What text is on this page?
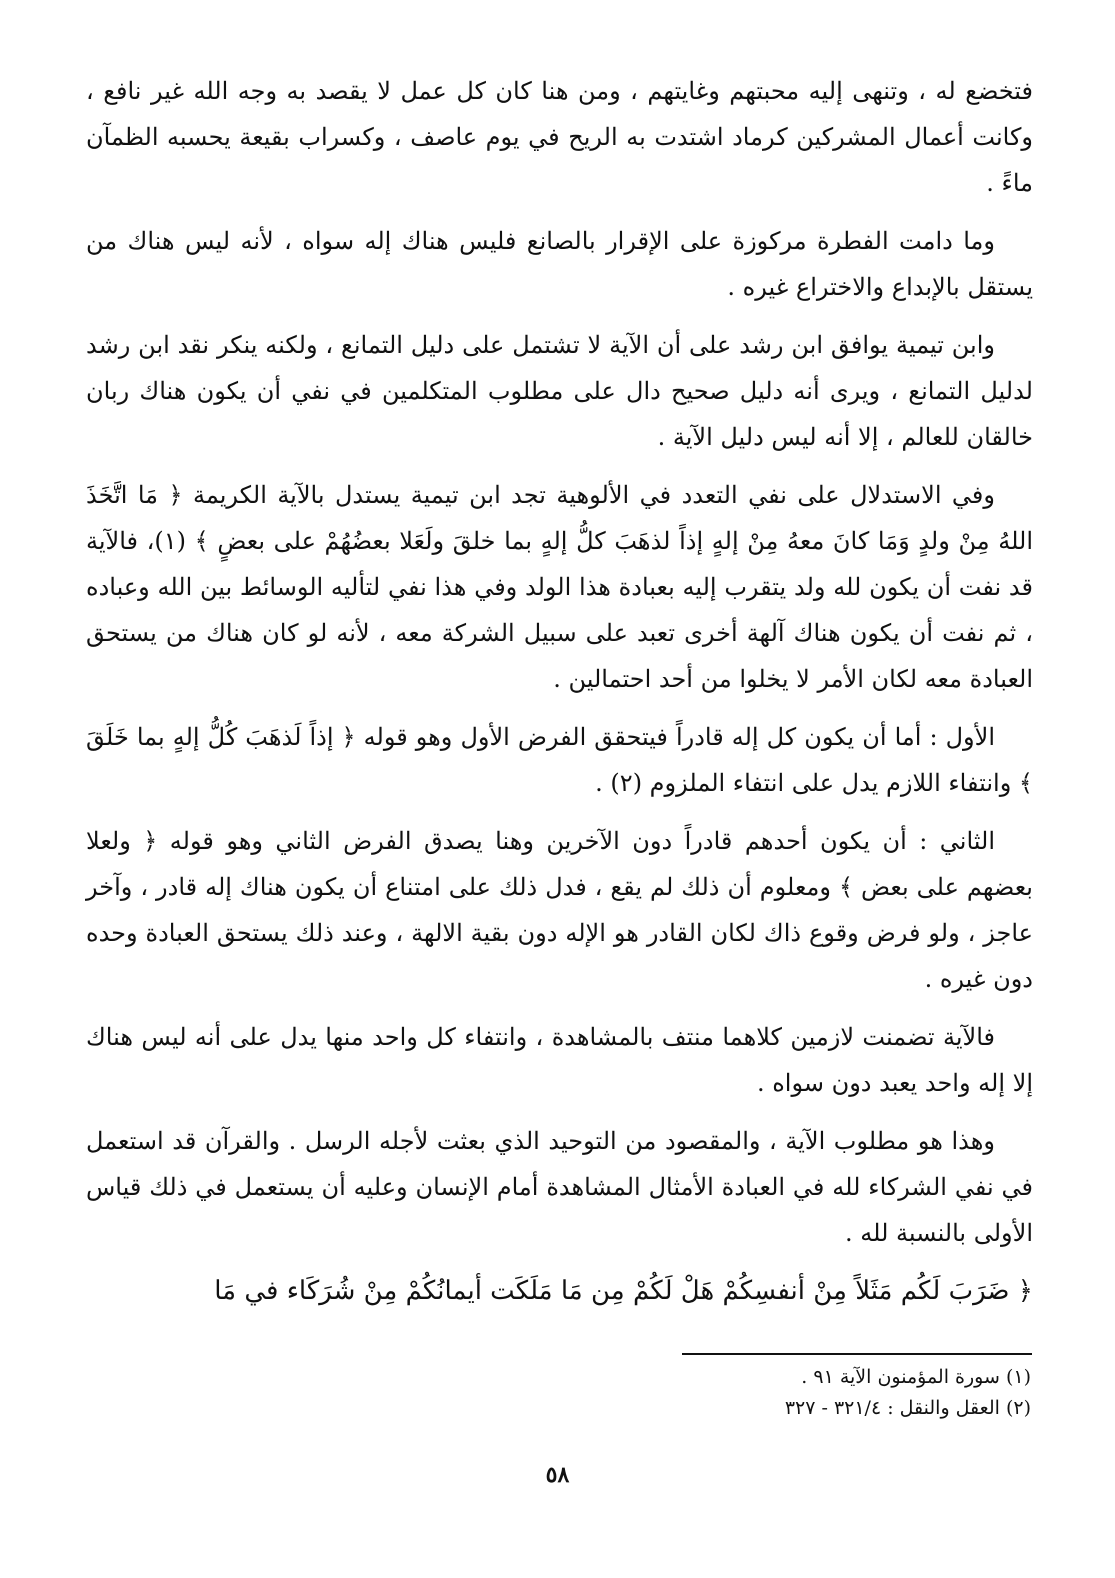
فتخضع له ، وتنهى إليه محبتهم وغايتهم ، ومن هنا كان كل عمل لا يقصد به وجه الله غير نافع ، وكانت أعمال المشركين كرماد اشتدت به الريح في يوم عاصف ، وكسراب بقيعة يحسبه الظمآن ماءً .

وما دامت الفطرة مركوزة على الإقرار بالصانع فليس هناك إله سواه ، لأنه ليس هناك من يستقل بالإبداع والاختراع غيره .

وابن تيمية يوافق ابن رشد على أن الآية لا تشتمل على دليل التمانع ، ولكنه ينكر نقد ابن رشد لدليل التمانع ، ويرى أنه دليل صحيح دال على مطلوب المتكلمين في نفي أن يكون هناك ربان خالقان للعالم ، إلا أنه ليس دليل الآية .

وفي الاستدلال على نفي التعدد في الألوهية تجد ابن تيمية يستدل بالآية الكريمة ﴿ مَا اتَّخَذَ اللهُ مِنْ ولدٍ وَمَا كانَ معهُ مِنْ إلهٍ إذاً لذهَبَ كلُّ إلهٍ بما خلقَ ولَعَلا بعضُهُمْ على بعضٍ ﴾ (١)، فالآية قد نفت أن يكون لله ولد يتقرب إليه بعبادة هذا الولد وفي هذا نفي لتأليه الوسائط بين الله وعباده ، ثم نفت أن يكون هناك آلهة أخرى تعبد على سبيل الشركة معه ، لأنه لو كان هناك من يستحق العبادة معه لكان الأمر لا يخلوا من أحد احتمالين .

الأول : أما أن يكون كل إله قادراً فيتحقق الفرض الأول وهو قوله ﴿ إذاً لَذهَبَ كُلُّ إلهٍ بما خَلَقَ ﴾ وانتفاء اللازم يدل على انتفاء الملزوم (٢) .

الثاني : أن يكون أحدهم قادراً دون الآخرين وهنا يصدق الفرض الثاني وهو قوله ﴿ ولعلا بعضهم على بعض ﴾ ومعلوم أن ذلك لم يقع ، فدل ذلك على امتناع أن يكون هناك إله قادر ، وآخر عاجز ، ولو فرض وقوع ذاك لكان القادر هو الإله دون بقية الالهة ، وعند ذلك يستحق العبادة وحده دون غيره .

فالآية تضمنت لازمين كلاهما منتف بالمشاهدة ، وانتفاء كل واحد منها يدل على أنه ليس هناك إلا إله واحد يعبد دون سواه .

وهذا هو مطلوب الآية ، والمقصود من التوحيد الذي بعثت لأجله الرسل . والقرآن قد استعمل في نفي الشركاء لله في العبادة الأمثال المشاهدة أمام الإنسان وعليه أن يستعمل في ذلك قياس الأولى بالنسبة لله .

﴿ ضَرَبَ لَكُم مَثَلاً مِنْ أنفسِكُمْ هَلْ لَكُمْ مِن مَا مَلَكَت أيمانُكُمْ مِنْ شُرَكَاء في مَا

(١) سورة المؤمنون الآية ٩١ .

(٢) العقل والنقل : ٣٢١/٤ - ٣٢٧

٥٨
